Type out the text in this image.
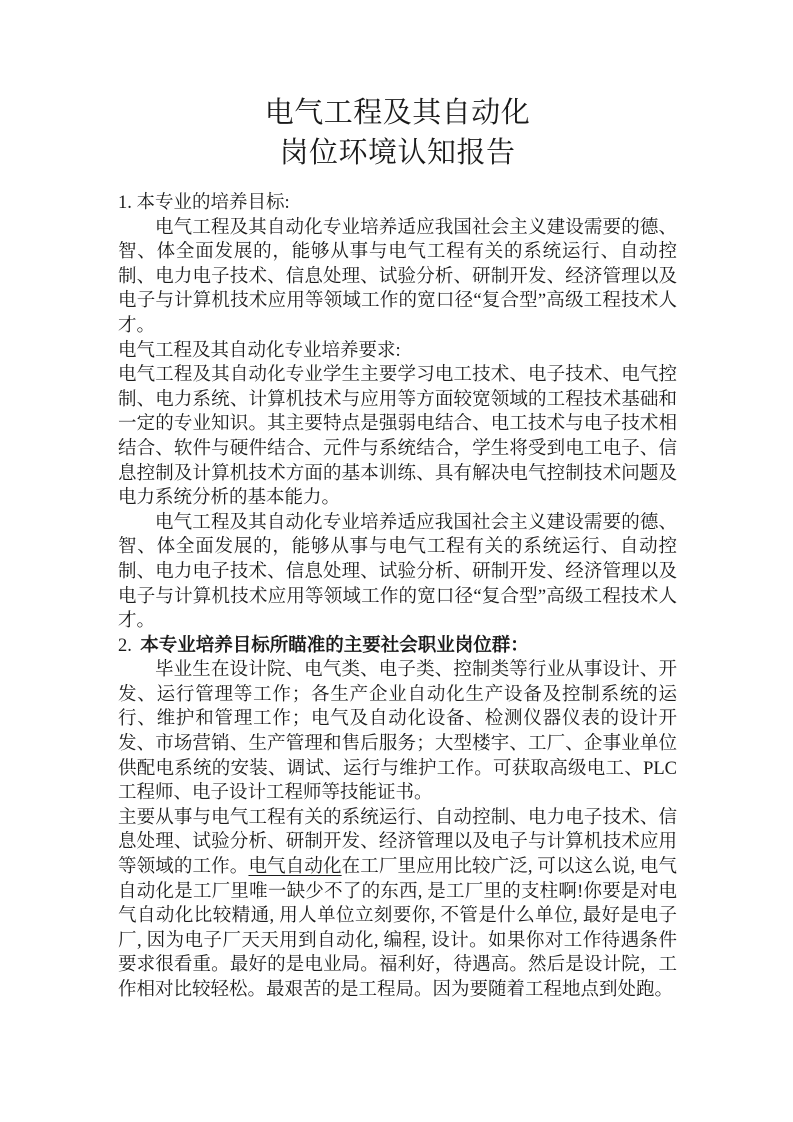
电气工程及其自动化
岗位环境认知报告

1. 本专业的培养目标:

电气工程及其自动化专业培养适应我国社会主义建设需要的德、智、体全面发展的，能够从事与电气工程有关的系统运行、自动控制、电力电子技术、信息处理、试验分析、研制开发、经济管理以及电子与计算机技术应用等领域工作的宽口径“复合型”高级工程技术人才。

电气工程及其自动化专业培养要求:

电气工程及其自动化专业学生主要学习电工技术、电子技术、电气控制、电力系统、计算机技术与应用等方面较宽领域的工程技术基础和一定的专业知识。其主要特点是强弱电结合、电工技术与电子技术相结合、软件与硬件结合、元件与系统结合，学生将受到电工电子、信息控制及计算机技术方面的基本训练、具有解决电气控制技术问题及电力系统分析的基本能力。

电气工程及其自动化专业培养适应我国社会主义建设需要的德、智、体全面发展的，能够从事与电气工程有关的系统运行、自动控制、电力电子技术、信息处理、试验分析、研制开发、经济管理以及电子与计算机技术应用等领域工作的宽口径“复合型”高级工程技术人才。

2. 本专业培养目标所瞄准的主要社会职业岗位群：

毕业生在设计院、电气类、电子类、控制类等行业从事设计、开发、运行管理等工作；各生产企业自动化生产设备及控制系统的运行、维护和管理工作；电气及自动化设备、检测仪器仪表的设计开发、市场营销、生产管理和售后服务；大型楼宇、工厂、企事业单位供配电系统的安装、调试、运行与维护工作。可获取高级电工、PLC 工程师、电子设计工程师等技能证书。

主要从事与电气工程有关的系统运行、自动控制、电力电子技术、信息处理、试验分析、研制开发、经济管理以及电子与计算机技术应用等领域的工作。电气自动化在工厂里应用比较广泛, 可以这么说, 电气自动化是工厂里唯一缺少不了的东西, 是工厂里的支柱啊!你要是对电气自动化比较精通, 用人单位立刻要你, 不管是什么单位, 最好是电子厂, 因为电子厂天天用到自动化, 编程, 设计。如果你对工作待遇条件要求很看重。最好的是电业局。福利好，待遇高。然后是设计院，工作相对比较轻松。最艰苦的是工程局。因为要随着工程地点到处跑。
